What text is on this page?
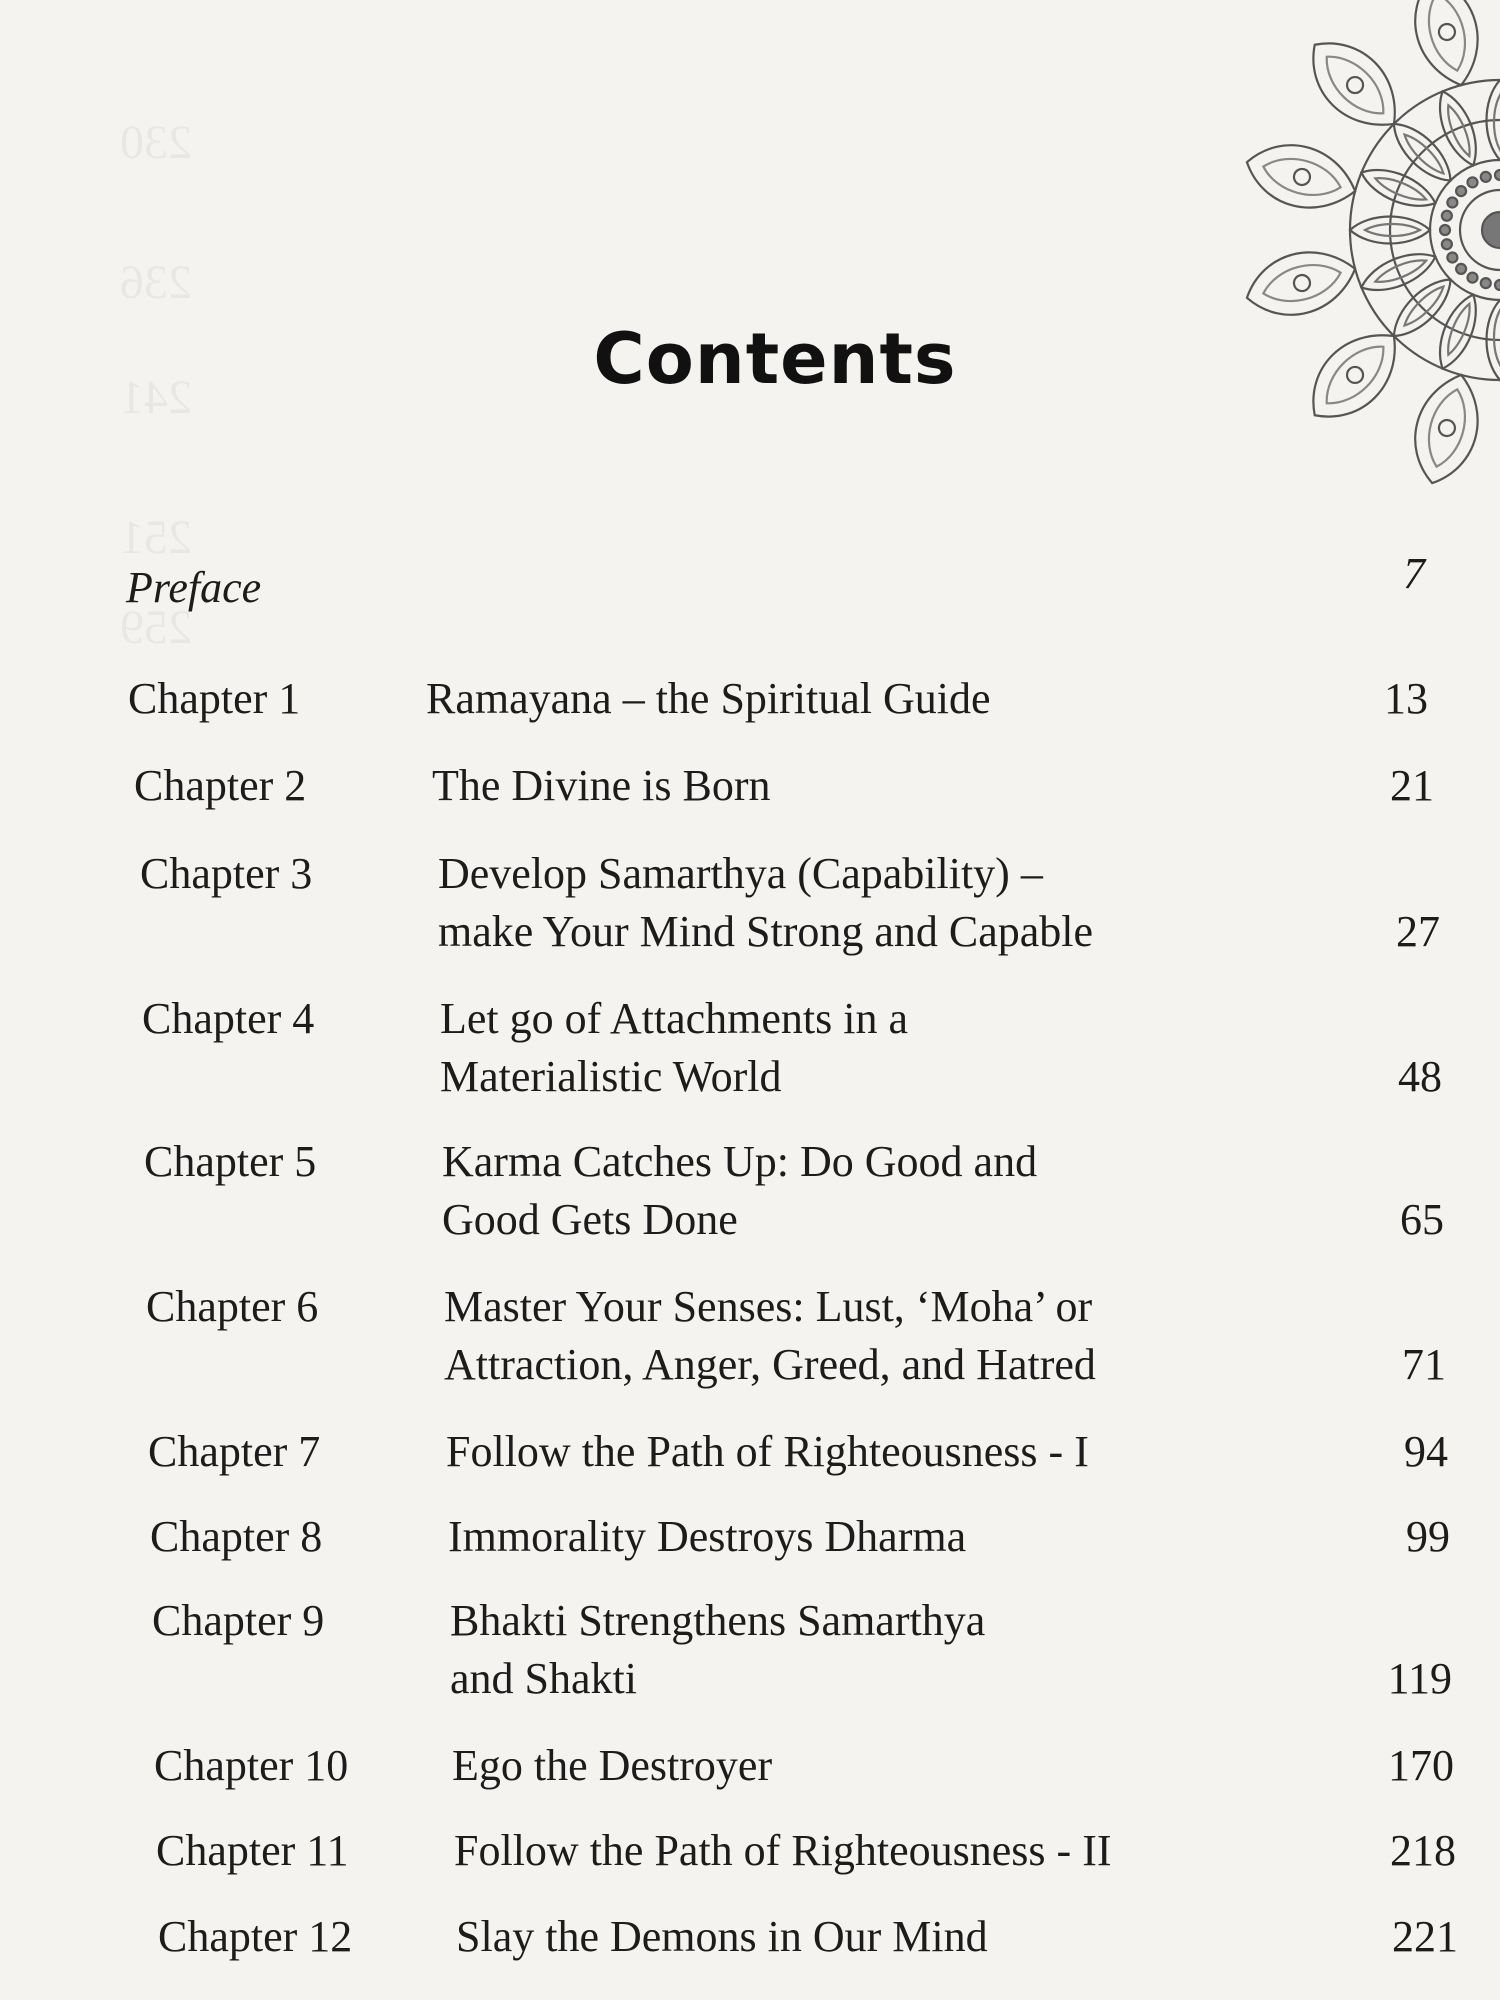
230
236
241
251
259
Contents
Preface	7
Chapter 1	Ramayana – the Spiritual Guide	13
Chapter 2	The Divine is Born	21
Chapter 3	Develop Samarthya (Capability) –
make Your Mind Strong and Capable	27
Chapter 4	Let go of Attachments in a
Materialistic World	48
Chapter 5	Karma Catches Up: Do Good and
Good Gets Done	65
Chapter 6	Master Your Senses: Lust, ‘Moha’ or
Attraction, Anger, Greed, and Hatred	71
Chapter 7	Follow the Path of Righteousness - I	94
Chapter 8	Immorality Destroys Dharma	99
Chapter 9	Bhakti Strengthens Samarthya
and Shakti	119
Chapter 10 Ego the Destroyer	170
Chapter 11 Follow the Path of Righteousness - II	218
Chapter 12 Slay the Demons in Our Mind	221
